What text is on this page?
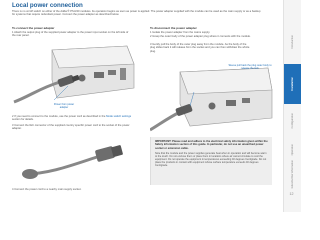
Local power connection
There is no on/off switch on either of the Adder® PSU/40 modules. Its operation begins as soon as power is applied. The power adapter supplied with the module can be used as the main supply or as a backup for systems that require redundant power. Connect the power adapter as described below.
To connect the power adapter
1 Attach the output plug of the supplied power adapter to the power input socket on the left side of the rear panel.
Power from power adapter
2 If you need to connect to the module, use the power cord as described in the Mode switch settings section for details.
3 Connect the IEC connector of the supplied country specific power cord to the socket of the power adapter.
4 Connect the power cord to a nearby main supply socket.
To disconnect the power adapter
1 Isolate the power adapter from the mains supply.
2 Grasp the outer body of the power adapter plug where it connects with the module.
3 Gently pull the body of the outer plug away from the module. As the body of the plug slides back it will release from the socket and you can then withdraw the whole plug.
Sleeve pull back the plug outer body to release the lock
IMPORTANT: Please read and adhere to the electrical safety information given within the Safety information section of this guide. In particular, do not use an unearthed power socket or extension cable.
Note that the module and the power supplies generate heat when in operation and will become warm to the touch. Do not enclose them or place them in locations where air cannot circulate to cool the equipment. Do not operate the equipment in temperatures exceeding 40 degrees Centigrade. Do not place the products in contact with equipment whose surface temperature exceeds 40 degrees Centigrade.
Introduction
Installation
Configuration
Operation
Further information
Index
12
